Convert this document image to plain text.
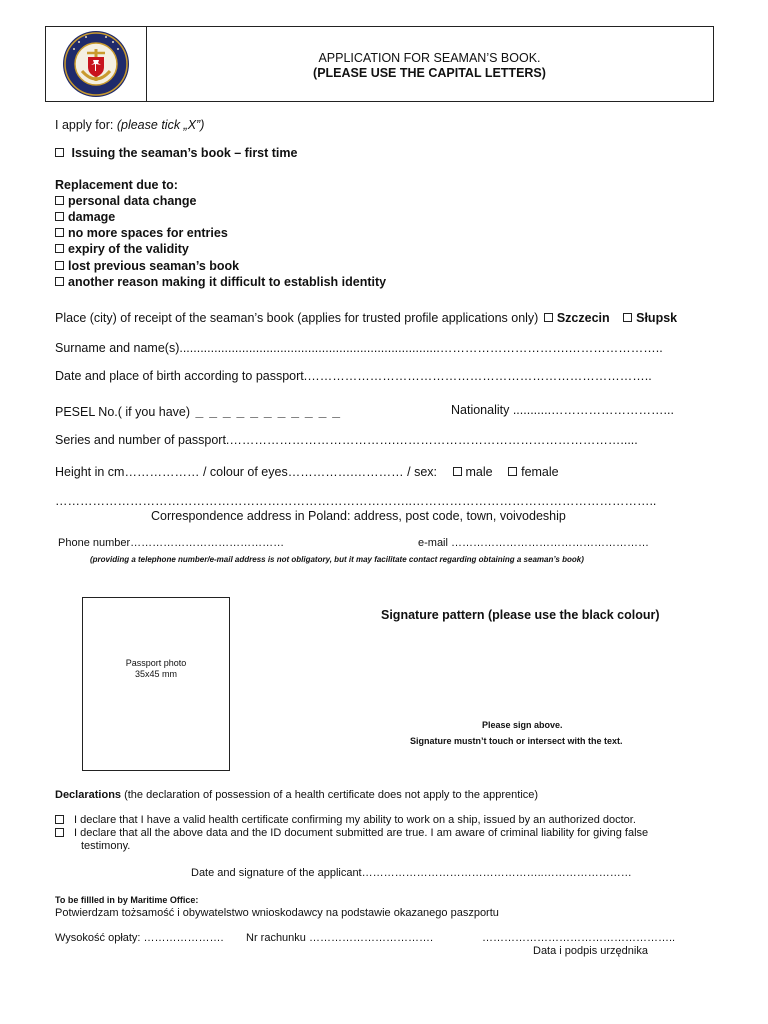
APPLICATION FOR SEAMAN’S BOOK.
(PLEASE USE THE CAPITAL LETTERS)
I apply for: (please tick „X”)
Issuing the seaman’s book – first time
Replacement due to:
personal data change
damage
no more spaces for entries
expiry of the validity
lost previous seaman’s book
another reason making it difficult to establish identity
Place (city) of receipt of the seaman’s book (applies for trusted profile applications only) Szczecin Słupsk
Surname and name(s)...........................................................................………………………….…………………..
Date and place of birth according to passport.………………………………………………………………………..
PESEL No.( if you have) _ _ _ _ _ _ _ _ _ _ _	Nationality ...........………………………...
Series and number of passport.………………………………….……………………………………………….....
Height in cm……………… / colour of eyes…………….………… / sex: male female
…………………………………………………………………………..…………………………………………………..
Correspondence address in Poland: address, post code, town, voivodeship
Phone number……………………………………	e-mail ………………………………………………
(providing a telephone number/e-mail address is not obligatory, but it may facilitate contact regarding obtaining a seaman’s book)
Passport photo
35x45 mm
Signature pattern (please use the black colour)
Please sign above.
Signature mustn’t touch or intersect with the text.
Declarations (the declaration of possession of a health certificate does not apply to the apprentice)
I declare that I have a valid health certificate confirming my ability to work on a ship, issued by an authorized doctor.
I declare that all the above data and the ID document submitted are true. I am aware of criminal liability for giving false
testimony.
Date and signature of the applicant…………………………………………..……………………
To be fillled in by Maritime Office:
Potwierdzam tożsamość i obywatelstwo wnioskodawcy na podstawie okazanego paszportu
Wysokość opłaty: …………………. Nr rachunku …………………………….	……………………………………………..
Data i podpis urzędnika
